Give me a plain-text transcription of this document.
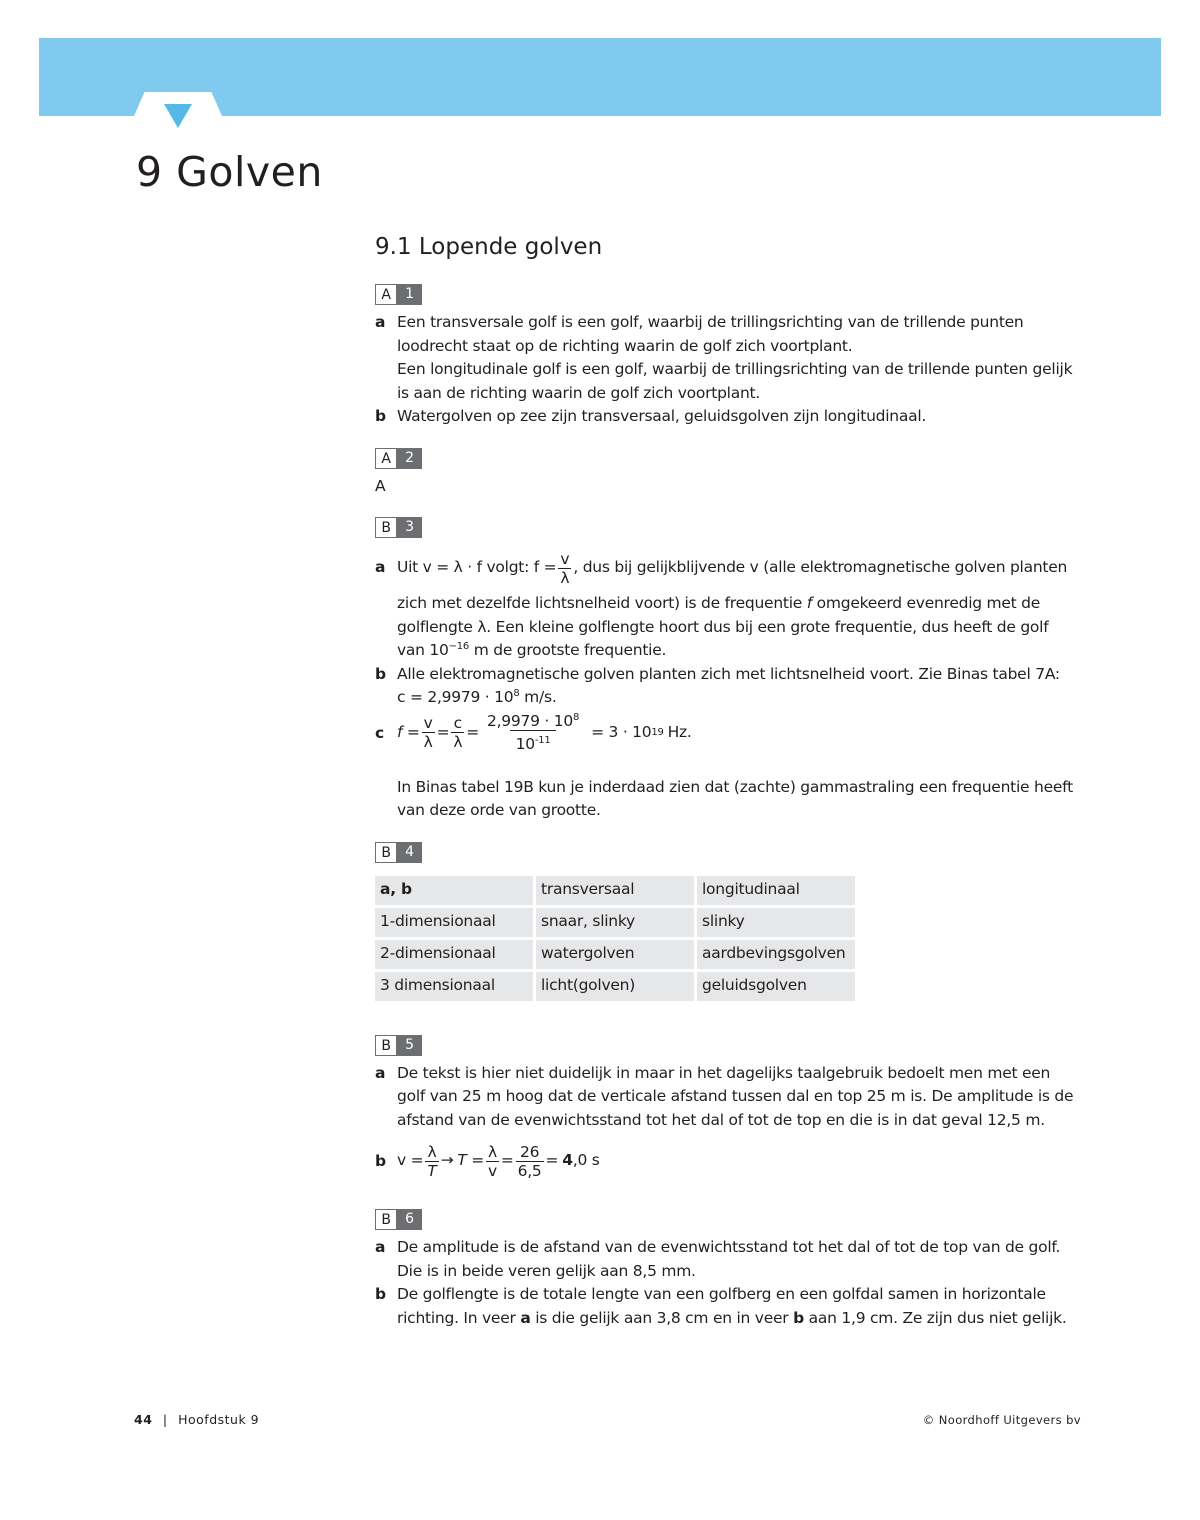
9 Golven
9.1 Lopende golven
A	1
a Een transversale golf is een golf, waarbij de trillingsrichting van de trillende punten loodrecht staat op de richting waarin de golf zich voortplant.
Een longitudinale golf is een golf, waarbij de trillingsrichting van de trillende punten gelijk is aan de richting waarin de golf zich voortplant.
b Watergolven op zee zijn transversaal, geluidsgolven zijn longitudinaal.
A	2
A
B	3
a Uit v = λ · f volgt: $f = \frac{v}{\lambda}$ , dus bij gelijkblijvende v (alle elektromagnetische golven planten
zich met dezelfde lichtsnelheid voort) is de frequentie f omgekeerd evenredig met de golflengte λ. Een kleine golflengte hoort dus bij een grote frequentie, dus heeft de golf van $10^{-16}$ m de grootste frequentie.
b Alle elektromagnetische golven planten zich met lichtsnelheid voort. Zie Binas tabel 7A:
$c = 2,9979 \cdot 10^8$ m/s.
c $f = \frac{v}{\lambda} = \frac{c}{\lambda} = \frac{2,9979 \cdot 10^8}{10^{-11}} = 3 \cdot 10$ 19 Hz.
In Binas tabel 19B kun je inderdaad zien dat (zachte) gammastraling een frequentie heeft van deze orde van grootte.
B	4
a, b	transversaal	longitudinaal
1-dimensionaal	snaar, slinky	slinky
2-dimensionaal	watergolven	aardbevingsgolven
3 dimensionaal	licht(golven)	geluidsgolven
B	5
a De tekst is hier niet duidelijk in maar in het dagelijks taalgebruik bedoelt men met een golf van 25 m hoog dat de verticale afstand tussen dal en top 25 m is. De amplitude is de afstand van de evenwichtsstand tot het dal of tot de top en die is in dat geval 12,5 m.
b $v = \frac{\lambda}{T} \to T = \frac{\lambda}{v} = \frac{26}{6,5} = 4$ ,0 s
B	6
a De amplitude is de afstand van de evenwichtsstand tot het dal of tot de top van de golf. Die is in beide veren gelijk aan 8,5 mm.
b De golflengte is de totale lengte van een golfberg en een golfdal samen in horizontale richting. In veer a is die gelijk aan 3,8 cm en in veer b aan 1,9 cm. Ze zijn dus niet gelijk.
44 | Hoofdstuk 9	© Noordhoff Uitgevers bv
